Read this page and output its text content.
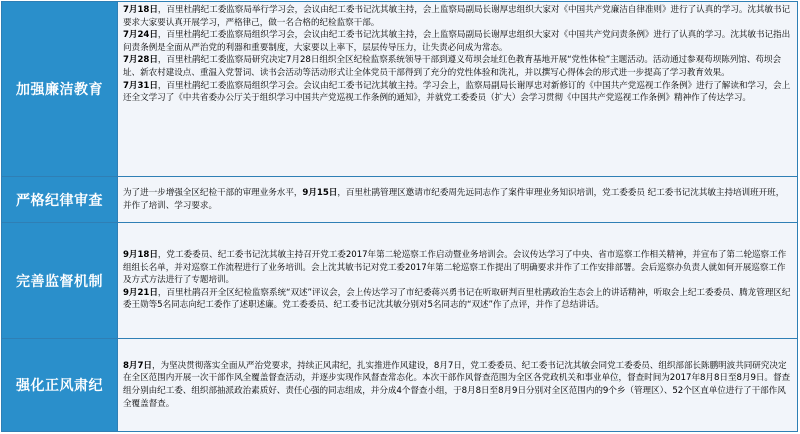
加强廉洁教育

7月18日，百里杜鹃纪工委监察局举行学习会，会议由纪工委书记沈其敏主持，会上监察局副局长谢厚忠组织大家对《中国共产党廉洁自律准则》进行了认真的学习。沈其敏书记要求大家要认真开展学习，严格律己，做一名合格的纪检监察干部。

7月24日，百里杜鹃纪工委监察局组织学习会，会议由纪工委书记沈其敏主持，会上监察局副局长谢厚忠组织大家对《中国共产党问责条例》进行了认真的学习。沈其敏书记指出问责条例是全面从严治党的利器和重要制度，大家要以上率下，层层传导压力，让失责必问成为常态。

7月28日，百里杜鹃纪工委监察局研究决定7月28日组织全区纪检监察系统领导干部到遵义苟坝会址红色教育基地开展“党性体检”主题活动。活动通过参观苟坝陈列馆、苟坝会址、新农村建设点、重温入党誓词、读书会活动等活动形式让全体党员干部得到了充分的党性体验和洗礼，并以撰写心得体会的形式进一步提高了学习教育效果。

7月31日，百里杜鹃纪工委监察局组织学习会。会议由纪工委书记沈其敏主持。学习会上，监察局副局长谢厚忠对新修订的《中国共产党巡视工作条例》进行了解读和学习，会上还全文学习了《中共省委办公厅关于组织学习中国共产党巡视工作条例的通知》，并就党工委委员（扩大）会学习贯彻《中国共产党巡视工作条例》精神作了传达学习。

严格纪律审查	为了进一步增强全区纪检干部的审理业务水平，9月15日，百里杜鹃管理区邀请市纪委周先远同志作了案件审理业务知识培训，党工委委员 纪工委书记沈其敏主持培训班开班，并作了培训、学习要求。

完善监督机制

9月18日，党工委委员、纪工委书记沈其敏主持召开党工委2017年第二轮巡察工作启动暨业务培训会。会议传达学习了中央、省市巡察工作相关精神，并宣布了第二轮巡察工作组组长名单，并对巡察工作流程进行了业务培训。会上沈其敏书记对党工委2017年第二轮巡察工作提出了明确要求并作了工作安排部署。会后巡察办负责人就如何开展巡察工作及方式方法进行了专题培训。

9月21日，百里杜鹃召开全区纪检监察系统“双述”评议会，会上传达学习了市纪委蒋兴勇书记在听取研判百里杜鹃政治生态会上的讲话精神，听取会上纪工委委员、腾龙管理区纪委王勋等5名同志向纪工委作了述职述廉。党工委委员、纪工委书记沈其敏分别对5名同志的“双述”作了点评，并作了总结讲话。

强化正风肃纪

8月7日，为坚决贯彻落实全面从严治党要求，持续正风肃纪，扎实推进作风建设，8月7日，党工委委员、纪工委书记沈其敏会同党工委委员、组织部部长陈鹏明波共同研究决定在全区范围内开展一次干部作风全覆盖督查活动，并逐步实现作风督查常态化。本次干部作风督查范围为全区各党政机关和事业单位，督查时间为2017年8月8日至8月9日。督查组分别由纪工委、组织部抽派政治素质好、责任心强的同志组成，并分成4个督查小组，于8月8日至8月9日分别对全区范围内的9个乡（管理区）、52个区直单位进行了干部作风全覆盖督查。
